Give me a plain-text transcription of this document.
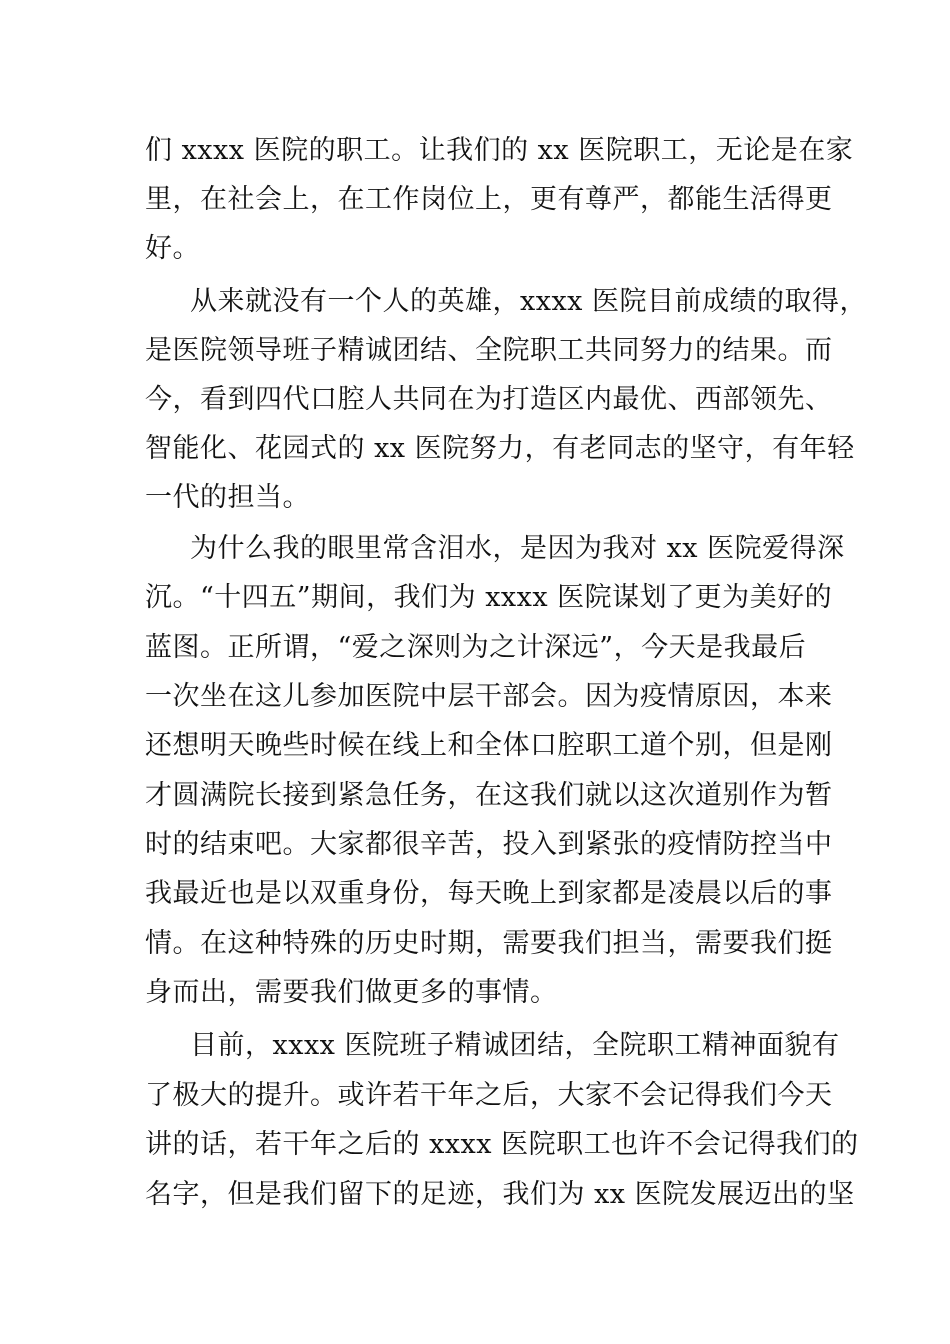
们 xxxx 医院的职工。让我们的 xx 医院职工，无论是在家
里，在社会上，在工作岗位上，更有尊严，都能生活得更
好。
从来就没有一个人的英雄，xxxx 医院目前成绩的取得，
是医院领导班子精诚团结、全院职工共同努力的结果。而
今，看到四代口腔人共同在为打造区内最优、西部领先、
智能化、花园式的 xx 医院努力，有老同志的坚守，有年轻
一代的担当。
为什么我的眼里常含泪水，是因为我对 xx 医院爱得深
沉。“十四五”期间，我们为 xxxx 医院谋划了更为美好的
蓝图。正所谓，“爱之深则为之计深远”，今天是我最后
一次坐在这儿参加医院中层干部会。因为疫情原因，本来
还想明天晚些时候在线上和全体口腔职工道个别，但是刚
才圆满院长接到紧急任务，在这我们就以这次道别作为暂
时的结束吧。大家都很辛苦，投入到紧张的疫情防控当中
我最近也是以双重身份，每天晚上到家都是凌晨以后的事
情。在这种特殊的历史时期，需要我们担当，需要我们挺
身而出，需要我们做更多的事情。
目前，xxxx 医院班子精诚团结，全院职工精神面貌有
了极大的提升。或许若干年之后，大家不会记得我们今天
讲的话，若干年之后的 xxxx 医院职工也许不会记得我们的
名字，但是我们留下的足迹，我们为 xx 医院发展迈出的坚
